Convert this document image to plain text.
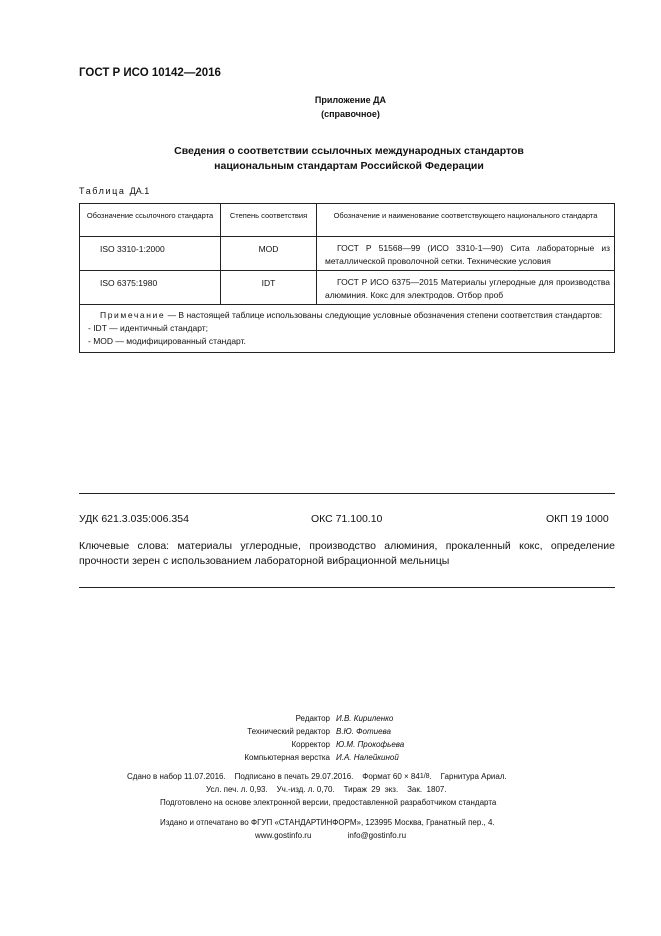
ГОСТ Р ИСО 10142—2016
Приложение ДА
(справочное)
Сведения о соответствии ссылочных международных стандартов
национальным стандартам Российской Федерации
Таблица ДА.1
Обозначение ссылочного стандарта	Степень соответствия	Обозначение и наименование соответствующего национального стандарта
ISO 3310-1:2000	MOD	ГОСТ Р 51568—99 (ИСО 3310-1—90) Сита лабораторные из металлической проволочной сетки. Технические условия
ISO 6375:1980	IDT	ГОСТ Р ИСО 6375—2015 Материалы углеродные для производства алюминия. Кокс для электродов. Отбор проб

Примечание — В настоящей таблице использованы следующие условные обозначения степени соответствия стандартов:
- IDT — идентичный стандарт;
- MOD — модифицированный стандарт.		
УДК 621.3.035:006.354	ОКС 71.100.10	ОКП 19 1000
Ключевые слова: материалы углеродные, производство алюминия, прокаленный кокс, определение прочности зерен с использованием лабораторной вибрационной мельницы
Редактор И.В. Кириленко
Технический редактор В.Ю. Фотиева
Корректор Ю.М. Прокофьева
Компьютерная верстка И.А. Налейкиной
Сдано в набор 11.07.2016.    Подписано в печать 29.07.2016.    Формат 60 × 841/8.    Гарнитура Ариал.
Усл. печ. л. 0,93.    Уч.-изд. л. 0,70.    Тираж  29  экз.    Зак.  1807.
Подготовлено на основе электронной версии, предоставленной разработчиком стандарта
Издано и отпечатано во ФГУП «СТАНДАРТИНФОРМ», 123995 Москва, Гранатный пер., 4.
www.gostinfo.ru	info@gostinfo.ru
